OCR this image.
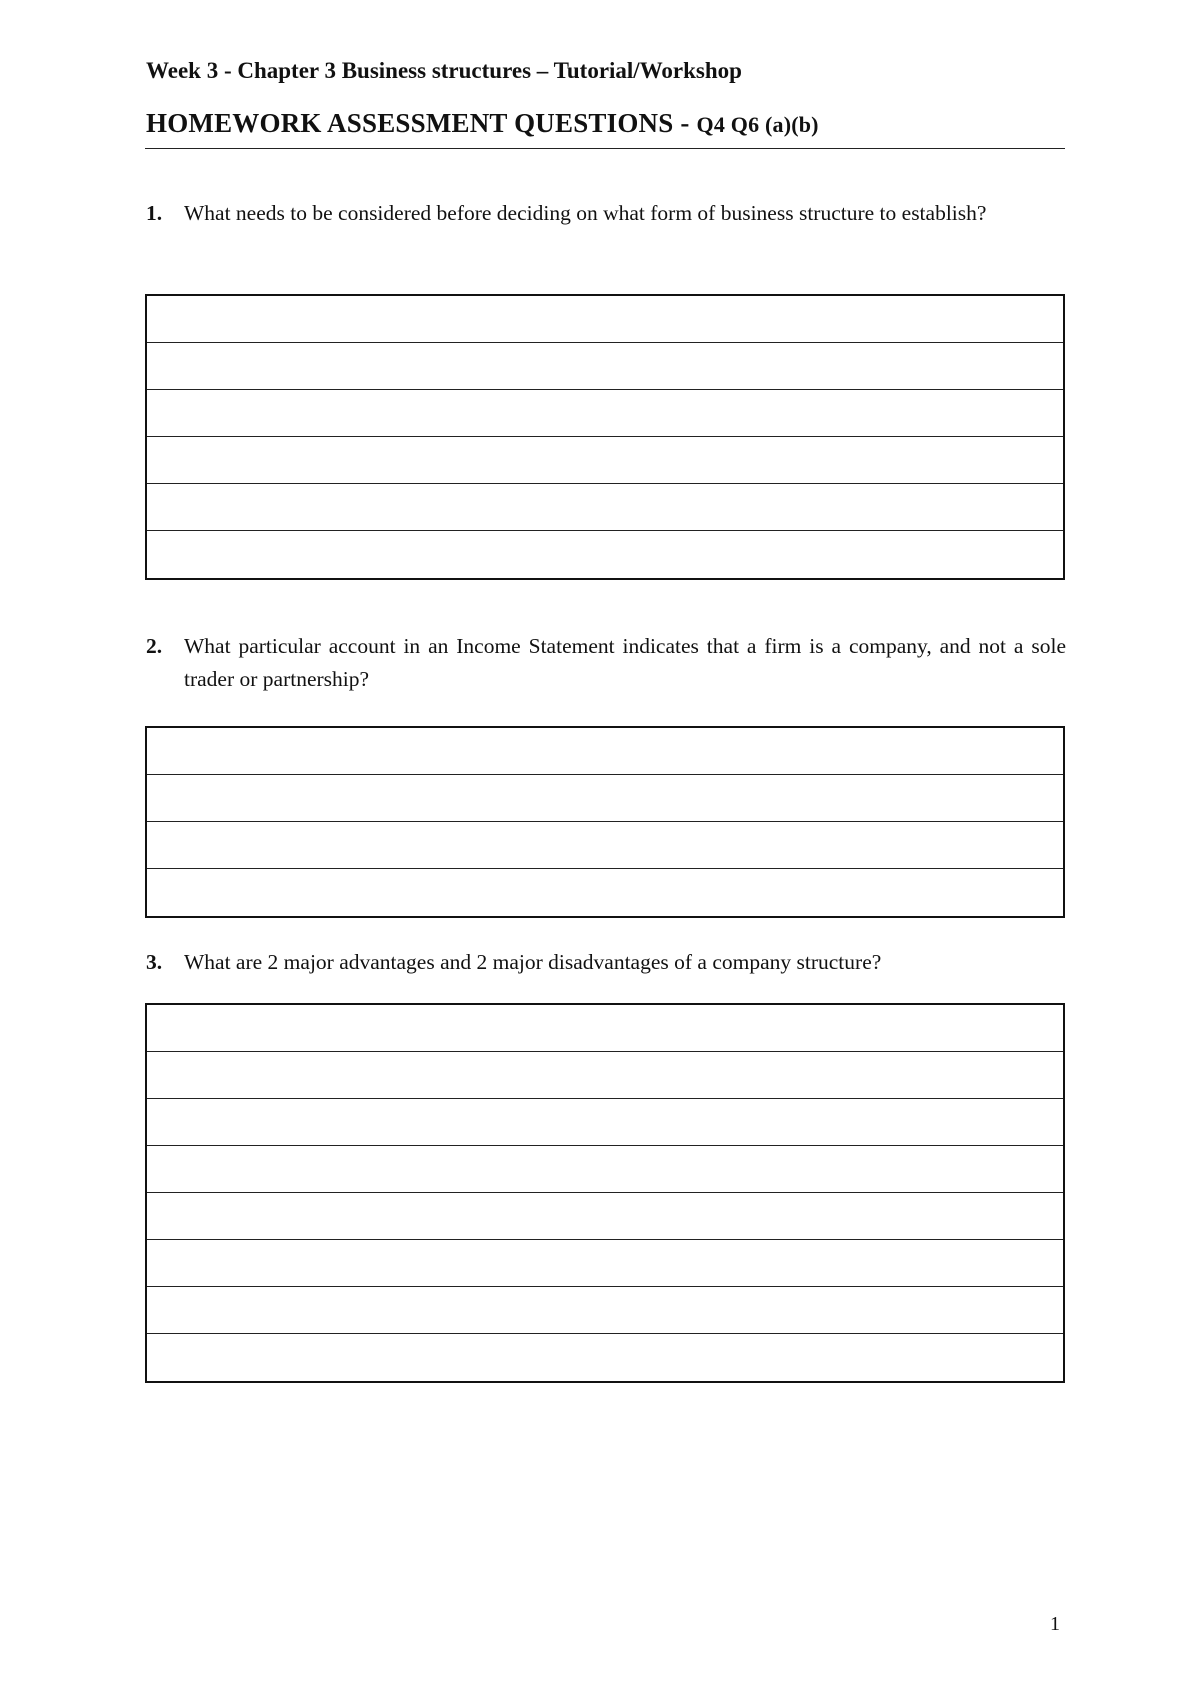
Week 3 - Chapter 3 Business structures – Tutorial/Workshop
HOMEWORK ASSESSMENT QUESTIONS - Q4 Q6 (a)(b)
1.	What needs to be considered before deciding on what form of business structure to establish?
2.	What particular account in an Income Statement indicates that a firm is a company, and not a sole trader or partnership?
3.	What are 2 major advantages and 2 major disadvantages of a company structure?
1
